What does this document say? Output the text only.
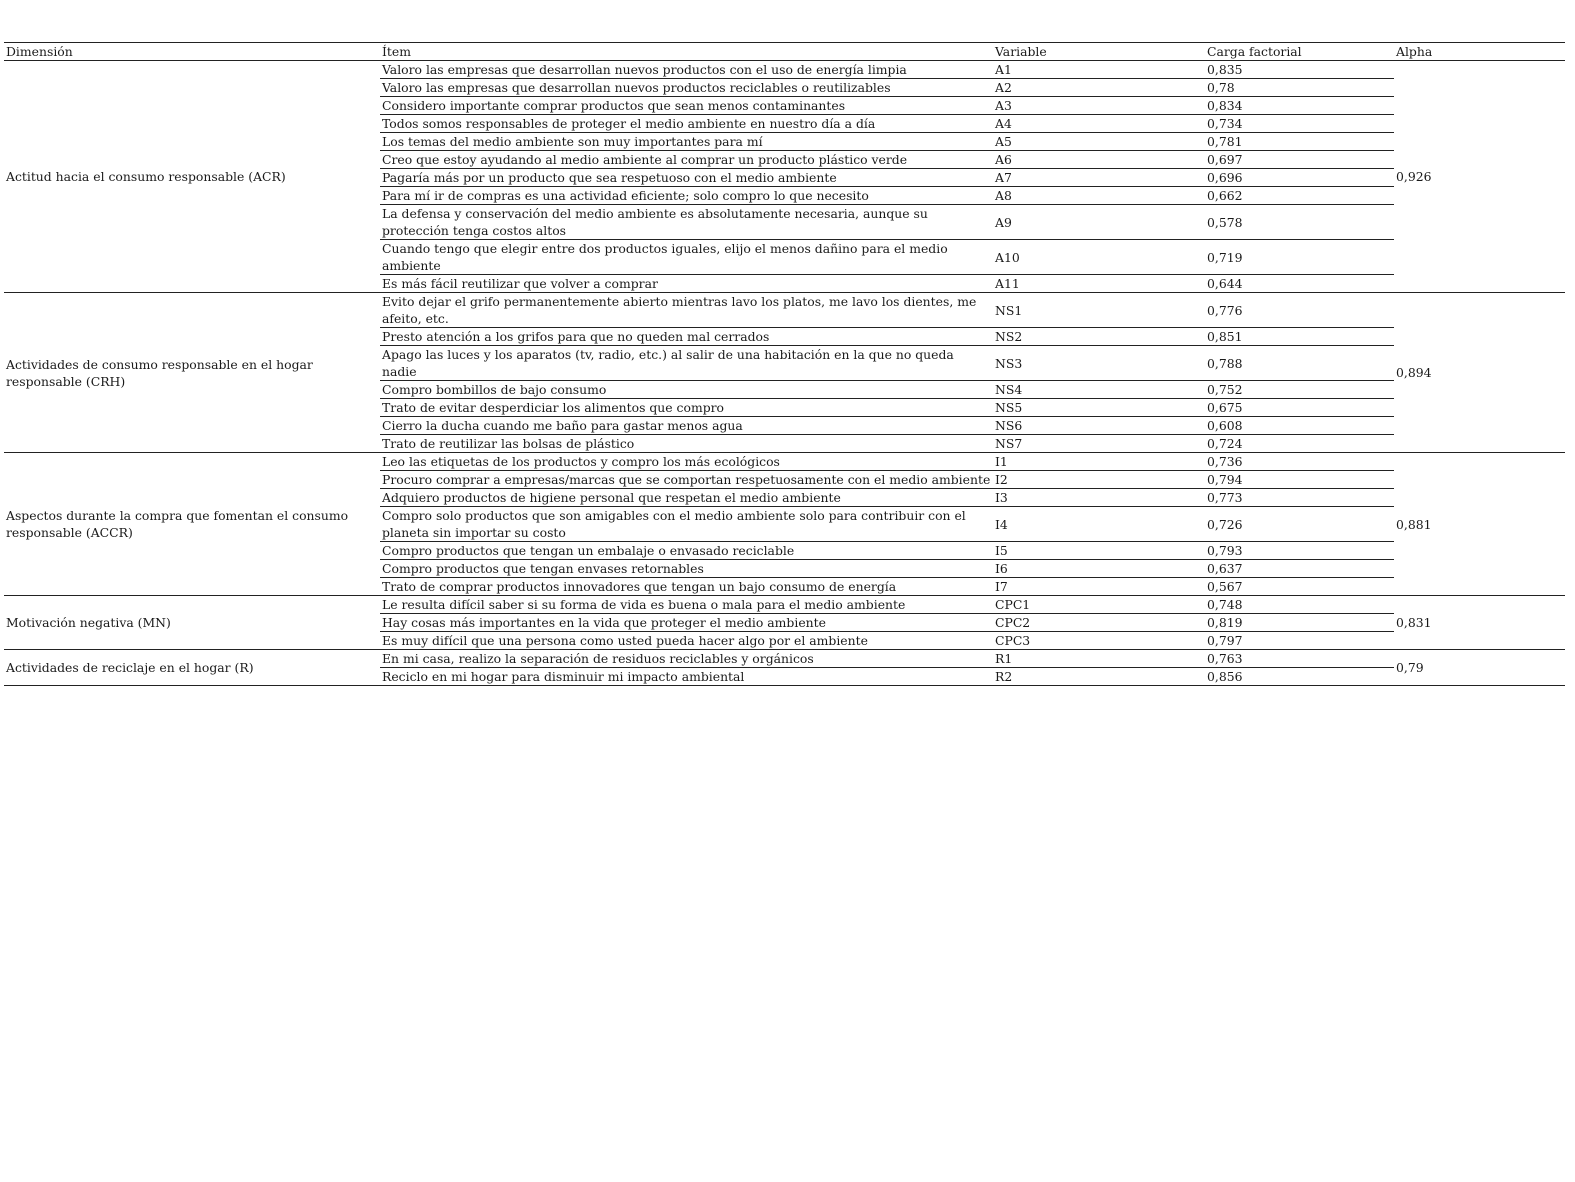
Dimensión	Ítem	Variable	Carga factorial	Alpha
Actitud hacia el consumo responsable (ACR)	Valoro las empresas que desarrollan nuevos productos con el uso de energía limpia	A1	0,835	0,926
	Valoro las empresas que desarrollan nuevos productos reciclables o reutilizables	A2	0,78	
	Considero importante comprar productos que sean menos contaminantes	A3	0,834	
	Todos somos responsables de proteger el medio ambiente en nuestro día a día	A4	0,734	
	Los temas del medio ambiente son muy importantes para mí	A5	0,781	
	Creo que estoy ayudando al medio ambiente al comprar un producto plástico verde	A6	0,697	
	Pagaría más por un producto que sea respetuoso con el medio ambiente	A7	0,696	
	Para mí ir de compras es una actividad eficiente; solo compro lo que necesito	A8	0,662	
	La defensa y conservación del medio ambiente es absolutamente necesaria, aunque su protección tenga costos altos	A9	0,578	
	Cuando tengo que elegir entre dos productos iguales, elijo el menos dañino para el medio ambiente	A10	0,719	
	Es más fácil reutilizar que volver a comprar	A11	0,644	
Actividades de consumo responsable en el hogar responsable (CRH)	Evito dejar el grifo permanentemente abierto mientras lavo los platos, me lavo los dientes, me afeito, etc.	NS1	0,776	0,894
	Presto atención a los grifos para que no queden mal cerrados	NS2	0,851	
	Apago las luces y los aparatos (tv, radio, etc.) al salir de una habitación en la que no queda nadie	NS3	0,788	
	Compro bombillos de bajo consumo	NS4	0,752	
	Trato de evitar desperdiciar los alimentos que compro	NS5	0,675	
	Cierro la ducha cuando me baño para gastar menos agua	NS6	0,608	
	Trato de reutilizar las bolsas de plástico	NS7	0,724	
Aspectos durante la compra que fomentan el consumo responsable (ACCR)	Leo las etiquetas de los productos y compro los más ecológicos	I1	0,736	0,881
	Procuro comprar a empresas/marcas que se comportan respetuosamente con el medio ambiente	I2	0,794	
	Adquiero productos de higiene personal que respetan el medio ambiente	I3	0,773	
	Compro solo productos que son amigables con el medio ambiente solo para contribuir con el planeta sin importar su costo	I4	0,726	
	Compro productos que tengan un embalaje o envasado reciclable	I5	0,793	
	Compro productos que tengan envases retornables	I6	0,637	
	Trato de comprar productos innovadores que tengan un bajo consumo de energía	I7	0,567	
Motivación negativa (MN)	Le resulta difícil saber si su forma de vida es buena o mala para el medio ambiente	CPC1	0,748	0,831
	Hay cosas más importantes en la vida que proteger el medio ambiente	CPC2	0,819	
	Es muy difícil que una persona como usted pueda hacer algo por el ambiente	CPC3	0,797	
Actividades de reciclaje en el hogar (R)	En mi casa, realizo la separación de residuos reciclables y orgánicos	R1	0,763	0,79
	Reciclo en mi hogar para disminuir mi impacto ambiental	R2	0,856	
